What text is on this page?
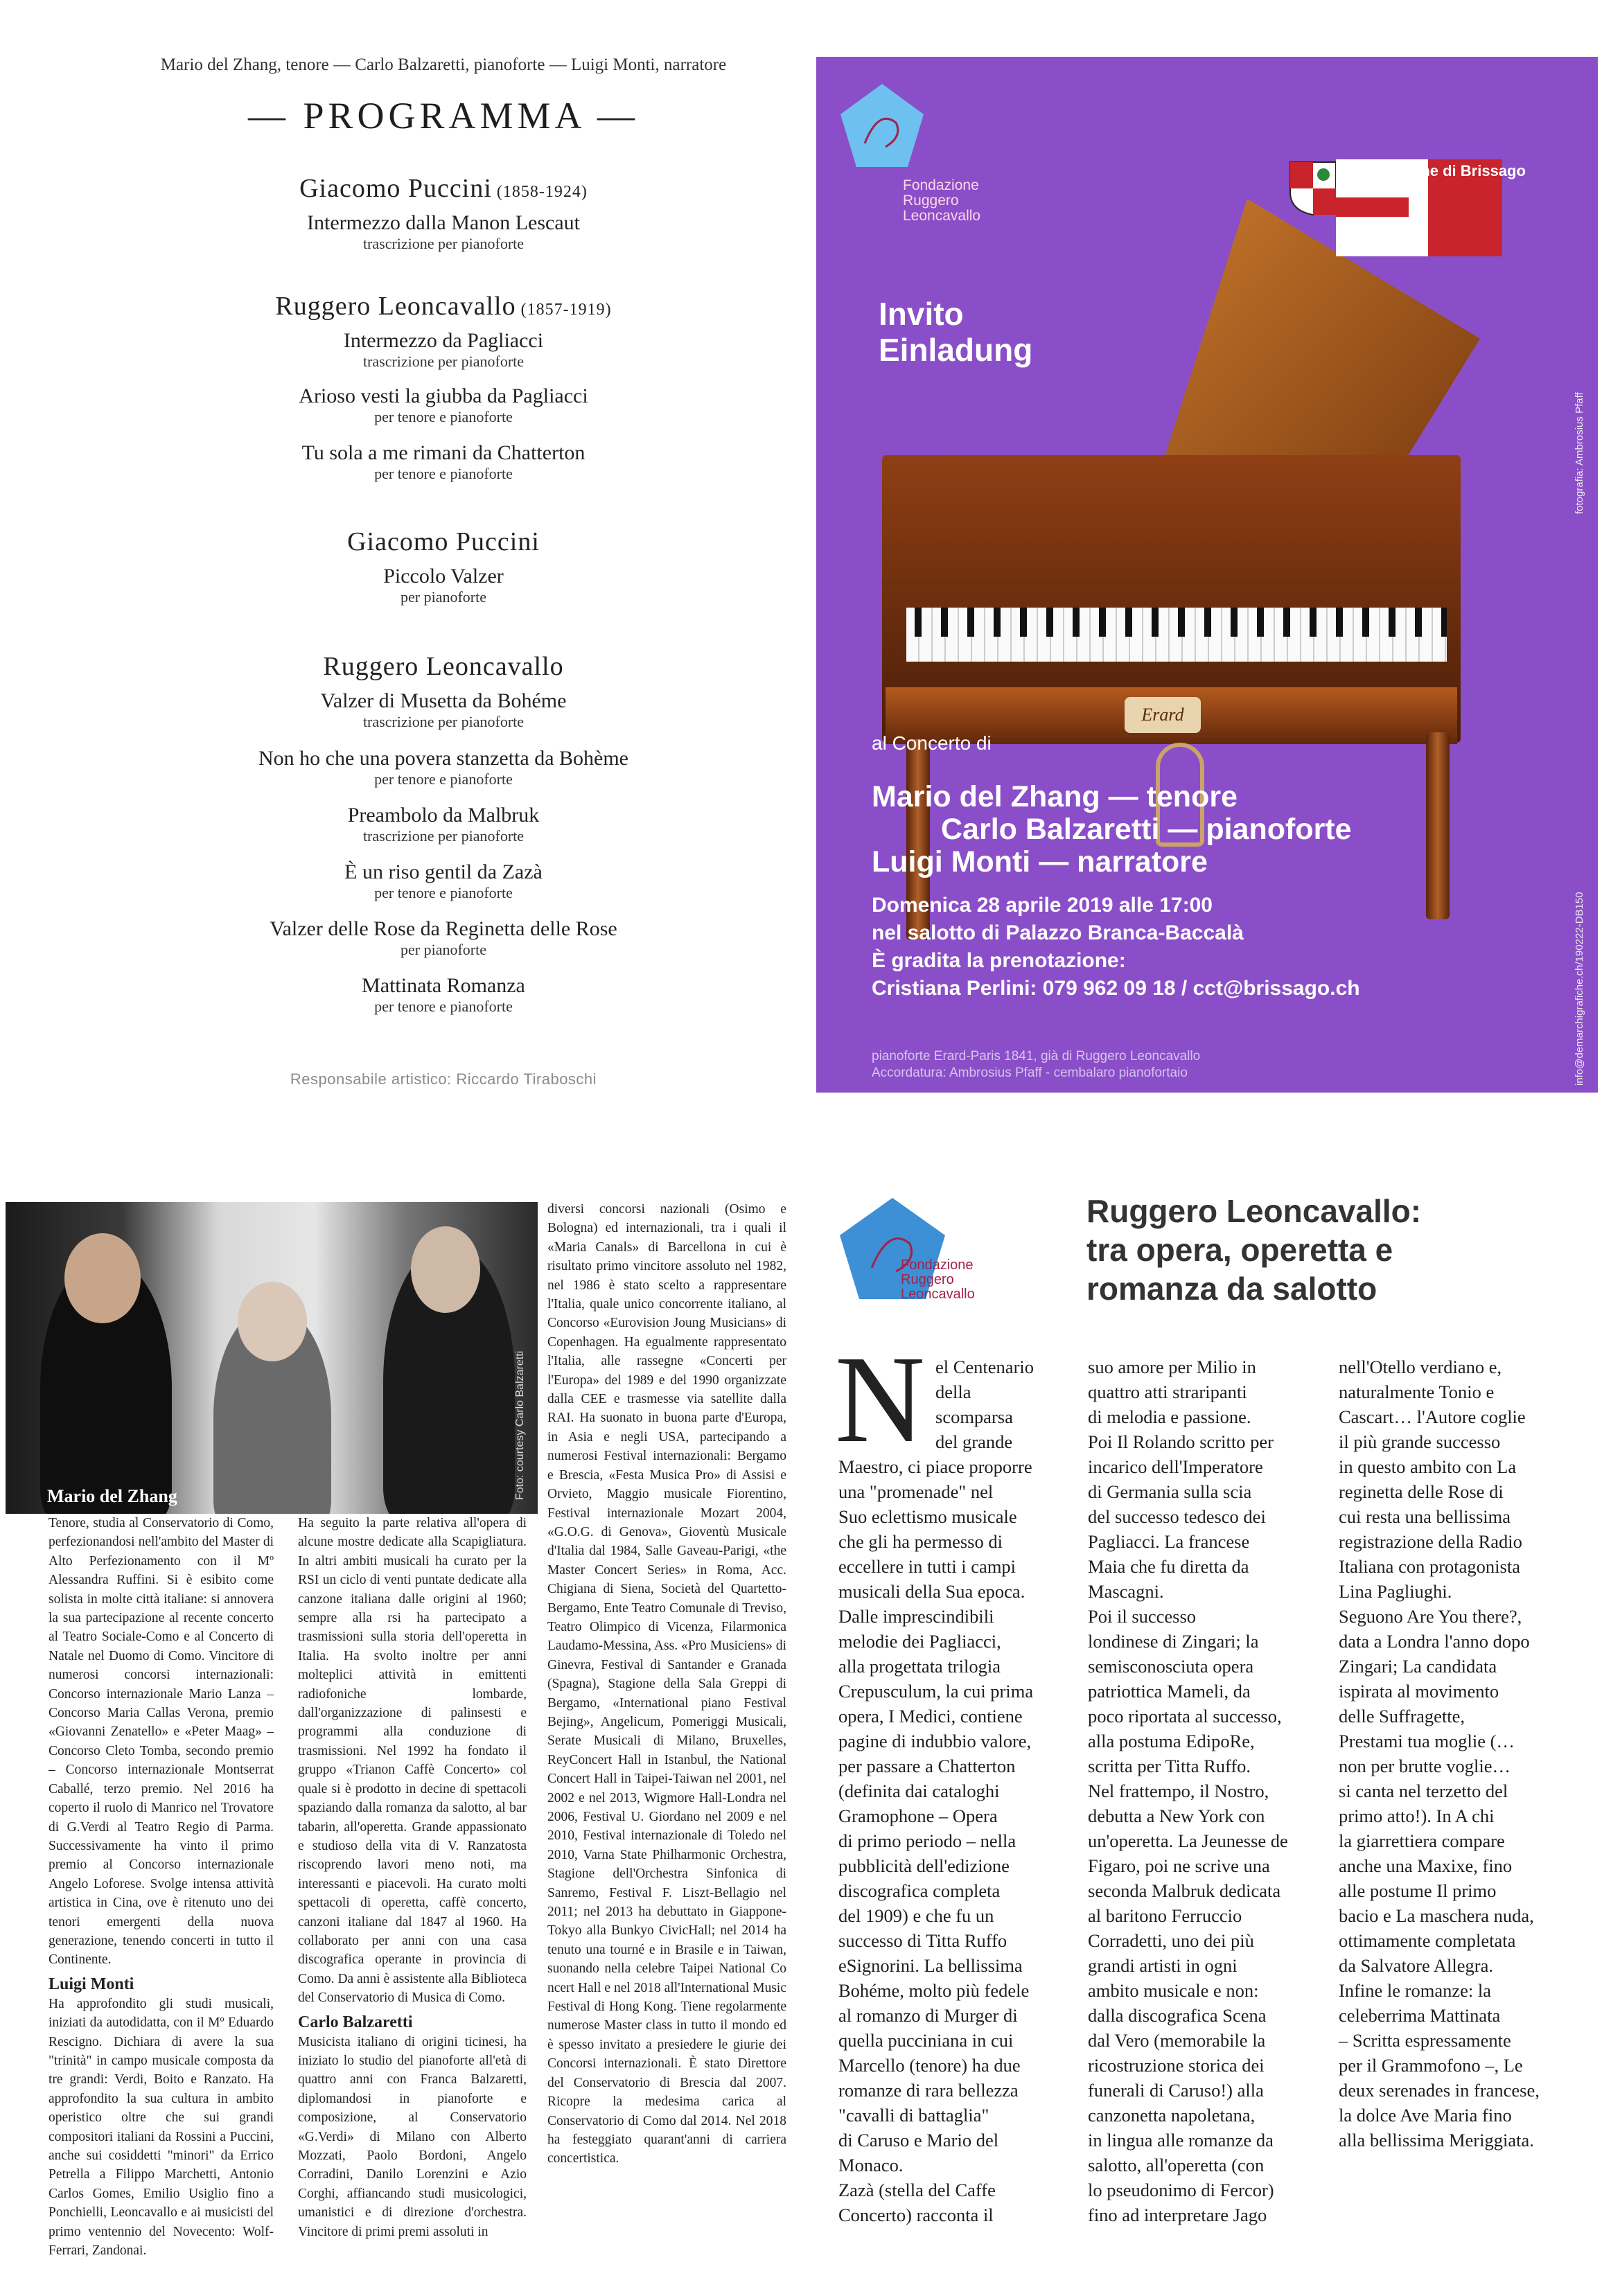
Mario del Zhang, tenore — Carlo Balzaretti, pianoforte — Luigi Monti, narratore
— PROGRAMMA —
Giacomo Puccini (1858-1924)
Intermezzo dalla Manon Lescaut
trascrizione per pianoforte
Ruggero Leoncavallo (1857-1919)
Intermezzo da Pagliacci
trascrizione per pianoforte
Arioso vesti la giubba da Pagliacci
per tenore e pianoforte
Tu sola a me rimani da Chatterton
per tenore e pianoforte
Giacomo Puccini
Piccolo Valzer
per pianoforte
Ruggero Leoncavallo
Valzer di Musetta da Bohéme
trascrizione per pianoforte
Non ho che una povera stanzetta da Bohème
per tenore e pianoforte
Preambolo da Malbruk
trascrizione per pianoforte
È un riso gentil da Zazà
per tenore e pianoforte
Valzer delle Rose da Reginetta delle Rose
per pianoforte
Mattinata Romanza
per tenore e pianoforte
Responsabile artistico: Riccardo Tiraboschi
Erard
Fondazione
Ruggero
Leoncavallo
Comune di Brissago
Invito
Einladung
fotografia: Ambrosius Pfaff
info@demarchigrafiche.ch/190222-DB150
al Concerto di
Mario del Zhang — tenore
Carlo Balzaretti — pianoforte
Luigi Monti — narratore
Domenica 28 aprile 2019 alle 17:00
nel salotto di Palazzo Branca-Baccalà
È gradita la prenotazione:
Cristiana Perlini: 079 962 09 18 / cct@brissago.ch
pianoforte Erard-Paris 1841, già di Ruggero Leoncavallo
Accordatura: Ambrosius Pfaff - cembalaro pianofortaio
Mario del Zhang	Foto: courtesy Carlo Balzaretti
Tenore, studia al Conservatorio di Como, perfezionandosi nell'ambito del Master di Alto Perfezionamento con il Mº Alessandra Ruffini. Si è esibito come solista in molte città italiane: si annovera la sua partecipazione al recente concerto al Teatro Sociale-Como e al Concerto di Natale nel Duomo di Como. Vincitore di numerosi concorsi internazionali: Concorso internazionale Mario Lanza – Concorso Maria Callas Verona, premio «Giovanni Zenatello» e «Peter Maag» – Concorso Cleto Tomba, secondo premio – Concorso internazionale Montserrat Caballé, terzo premio. Nel 2016 ha coperto il ruolo di Manrico nel Trovatore di G.Verdi al Teatro Regio di Parma. Successivamente ha vinto il primo premio al Concorso internazionale Angelo Loforese. Svolge intensa attività artistica in Cina, ove è ritenuto uno dei tenori emergenti della nuova generazione, tenendo concerti in tutto il Continente.
Luigi Monti
Ha approfondito gli studi musicali, iniziati da autodidatta, con il Mº Eduardo Rescigno. Dichiara di avere la sua "trinità" in campo musicale composta da tre grandi: Verdi, Boito e Ranzato. Ha approfondito la sua cultura in ambito operistico oltre che sui grandi compositori italiani da Rossini a Puccini, anche sui cosiddetti "minori" da Errico Petrella a Filippo Marchetti, Antonio Carlos Gomes, Emilio Usiglio fino a Ponchielli, Leoncavallo e ai musicisti del primo ventennio del Novecento: Wolf-Ferrari, Zandonai.
Ha seguito la parte relativa all'opera di alcune mostre dedicate alla Scapigliatura. In altri ambiti musicali ha curato per la RSI un ciclo di venti puntate dedicate alla canzone italiana dalle origini al 1960; sempre alla rsi ha partecipato a trasmissioni sulla storia dell'operetta in Italia. Ha svolto inoltre per anni molteplici attività in emittenti radiofoniche lombarde, dall'organizzazione di palinsesti e programmi alla conduzione di trasmissioni. Nel 1992 ha fondato il gruppo «Trianon Caffè Concerto» col quale si è prodotto in decine di spettacoli spaziando dalla romanza da salotto, al bar tabarin, all'operetta. Grande appassionato e studioso della vita di V. Ranzatosta riscoprendo lavori meno noti, ma interessanti e piacevoli. Ha curato molti spettacoli di operetta, caffè concerto, canzoni italiane dal 1847 al 1960. Ha collaborato per anni con una casa discografica operante in provincia di Como. Da anni è assistente alla Biblioteca del Conservatorio di Musica di Como.
Carlo Balzaretti
Musicista italiano di origini ticinesi, ha iniziato lo studio del pianoforte all'età di quattro anni con Franca Balzaretti, diplomandosi in pianoforte e composizione, al Conservatorio «G.Verdi» di Milano con Alberto Mozzati, Paolo Bordoni, Angelo Corradini, Danilo Lorenzini e Azio Corghi, affiancando studi musicologici, umanistici e di direzione d'orchestra. Vincitore di primi premi assoluti in
diversi concorsi nazionali (Osimo e Bologna) ed internazionali, tra i quali il «Maria Canals» di Barcellona in cui è risultato primo vincitore assoluto nel 1982, nel 1986 è stato scelto a rappresentare l'Italia, quale unico concorrente italiano, al Concorso «Eurovision Joung Musicians» di Copenhagen. Ha egualmente rappresentato l'Italia, alle rassegne «Concerti per l'Europa» del 1989 e del 1990 organizzate dalla CEE e trasmesse via satellite dalla RAI. Ha suonato in buona parte d'Europa, in Asia e negli USA, partecipando a numerosi Festival internazionali: Bergamo e Brescia, «Festa Musica Pro» di Assisi e Orvieto, Maggio musicale Fiorentino, Festival internazionale Mozart 2004, «G.O.G. di Genova», Gioventù Musicale d'Italia dal 1984, Salle Gaveau-Parigi, «the Master Concert Series» in Roma, Acc. Chigiana di Siena, Società del Quartetto-Bergamo, Ente Teatro Comunale di Treviso, Teatro Olimpico di Vicenza, Filarmonica Laudamo-Messina, Ass. «Pro Musiciens» di Ginevra, Festival di Santander e Granada (Spagna), Stagione della Sala Greppi di Bergamo, «International piano Festival Bejing», Angelicum, Pomeriggi Musicali, Serate Musicali di Milano, Bruxelles, ReyConcert Hall in Istanbul, the National Concert Hall in Taipei-Taiwan nel 2001, nel 2002 e nel 2013, Wigmore Hall-Londra nel 2006, Festival U. Giordano nel 2009 e nel 2010, Festival internazionale di Toledo nel 2010, Varna State Philharmonic Orchestra, Stagione dell'Orchestra Sinfonica di Sanremo, Festival F. Liszt-Bellagio nel 2011; nel 2013 ha debuttato in Giappone- Tokyo alla Bunkyo CivicHall; nel 2014 ha tenuto una tourné e in Brasile e in Taiwan, suonando nella celebre Taipei National Co ncert Hall e nel 2018 all'International Music Festival di Hong Kong. Tiene regolarmente numerose Master class in tutto il mondo ed è spesso invitato a presiedere le giurie dei Concorsi internazionali. È stato Direttore del Conservatorio di Brescia dal 2007. Ricopre la medesima carica al Conservatorio di Como dal 2014. Nel 2018 ha festeggiato quarant'anni di carriera concertistica.
Fondazione
Ruggero
Leoncavallo
Ruggero Leoncavallo:
tra opera, operetta e
romanza da salotto
N el Centenario
della
scomparsa
del grande
Maestro, ci piace proporre
una "promenade" nel
Suo eclettismo musicale
che gli ha permesso di
eccellere in tutti i campi
musicali della Sua epoca.
Dalle imprescindibili
melodie dei Pagliacci,
alla progettata trilogia
Crepusculum, la cui prima
opera, I Medici, contiene
pagine di indubbio valore,
per passare a Chatterton
(definita dai cataloghi
Gramophone – Opera
di primo periodo – nella
pubblicità dell'edizione
discografica completa
del 1909) e che fu un
successo di Titta Ruffo
eSignorini. La bellissima
Bohéme, molto più fedele
al romanzo di Murger di
quella pucciniana in cui
Marcello (tenore) ha due
romanze di rara bellezza
"cavalli di battaglia"
di Caruso e Mario del
Monaco.
Zazà (stella del Caffe
Concerto) racconta il
suo amore per Milio in
quattro atti straripanti
di melodia e passione.
Poi Il Rolando scritto per
incarico dell'Imperatore
di Germania sulla scia
del successo tedesco dei
Pagliacci. La francese
Maia che fu diretta da
Mascagni.
Poi il successo
londinese di Zingari; la
semisconosciuta opera
patriottica Mameli, da
poco riportata al successo,
alla postuma EdipoRe,
scritta per Titta Ruffo.
Nel frattempo, il Nostro,
debutta a New York con
un'operetta. La Jeunesse de
Figaro, poi ne scrive una
seconda Malbruk dedicata
al baritono Ferruccio
Corradetti, uno dei più
grandi artisti in ogni
ambito musicale e non:
dalla discografica Scena
dal Vero (memorabile la
ricostruzione storica dei
funerali di Caruso!) alla
canzonetta napoletana,
in lingua alle romanze da
salotto, all'operetta (con
lo pseudonimo di Fercor)
fino ad interpretare Jago
nell'Otello verdiano e,
naturalmente Tonio e
Cascart… l'Autore coglie
il più grande successo
in questo ambito con La
reginetta delle Rose di
cui resta una bellissima
registrazione della Radio
Italiana con protagonista
Lina Pagliughi.
Seguono Are You there?,
data a Londra l'anno dopo
Zingari; La candidata
ispirata al movimento
delle Suffragette,
Prestami tua moglie (…
non per brutte voglie…
si canta nel terzetto del
primo atto!). In A chi
la giarrettiera compare
anche una Maxixe, fino
alle postume Il primo
bacio e La maschera nuda,
ottimamente completata
da Salvatore Allegra.
Infine le romanze: la
celeberrima Mattinata
– Scritta espressamente
per il Grammofono –, Le
deux serenades in francese,
la dolce Ave Maria fino
alla bellissima Meriggiata.
